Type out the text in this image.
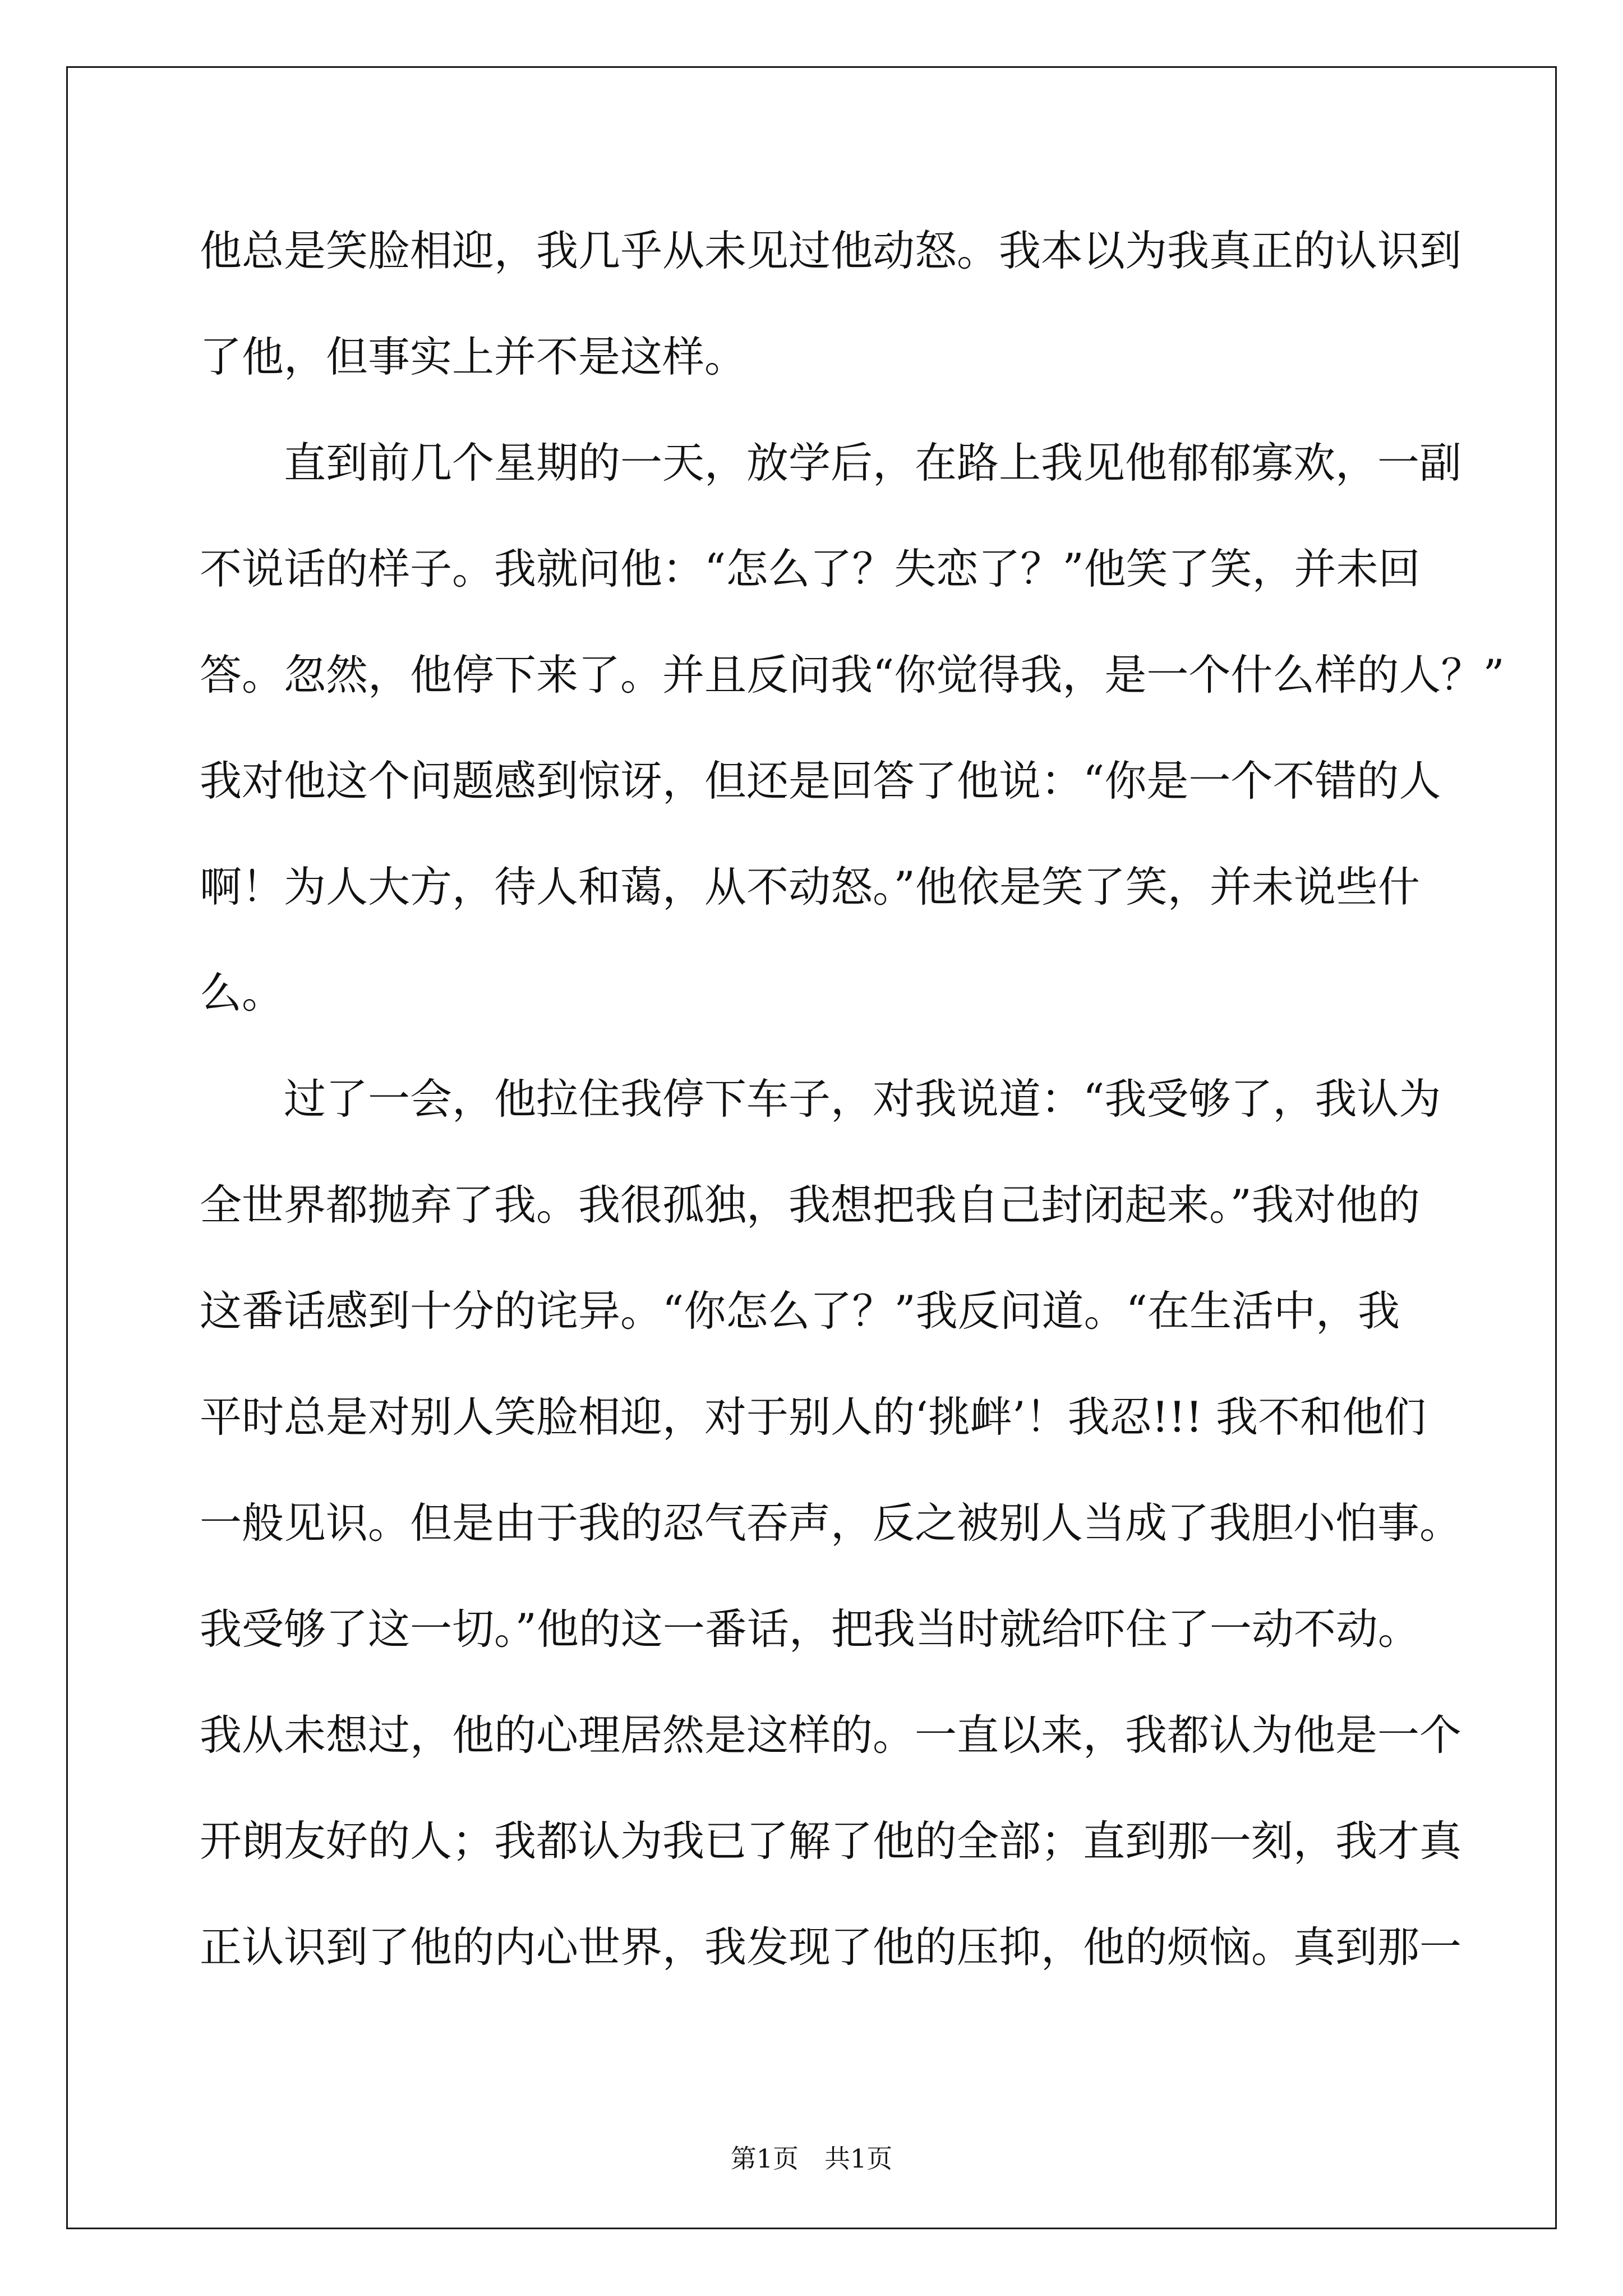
他总是笑脸相迎，我几乎从未见过他动怒。我本以为我真正的认识到

了他，但事实上并不是这样。

　　直到前几个星期的一天，放学后，在路上我见他郁郁寡欢，一副

不说话的样子。我就问他：“怎么了？失恋了？”他笑了笑，并未回

答。忽然，他停下来了。并且反问我“你觉得我，是一个什么样的人？”

我对他这个问题感到惊讶，但还是回答了他说：“你是一个不错的人

啊！为人大方，待人和蔼，从不动怒。”他依是笑了笑，并未说些什

么。

　　过了一会，他拉住我停下车子，对我说道：“我受够了，我认为

全世界都抛弃了我。我很孤独，我想把我自己封闭起来。”我对他的

这番话感到十分的诧异。“你怎么了？”我反问道。“在生活中，我

平时总是对别人笑脸相迎，对于别人的‘挑衅’！我忍!!! 我不和他们

一般见识。但是由于我的忍气吞声，反之被别人当成了我胆小怕事。

我受够了这一切。”他的这一番话，把我当时就给吓住了一动不动。

我从未想过，他的心理居然是这样的。一直以来，我都认为他是一个

开朗友好的人；我都认为我已了解了他的全部；直到那一刻，我才真

正认识到了他的内心世界，我发现了他的压抑，他的烦恼。真到那一

第1页　共1页
